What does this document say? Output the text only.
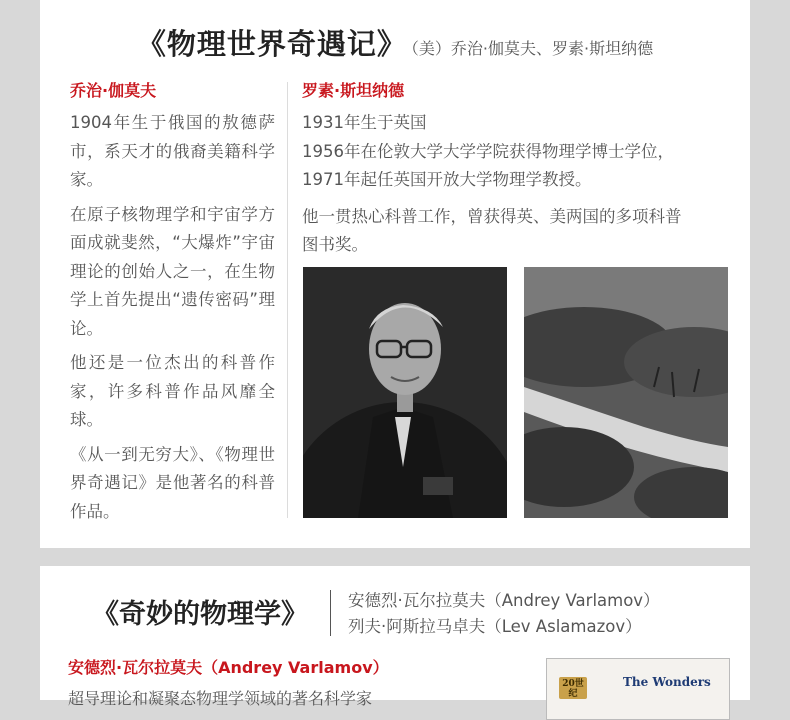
《物理世界奇遇记》 （美）乔治·伽莫夫、罗素·斯坦纳德
乔治·伽莫夫

1904年生于俄国的敖德萨市，系天才的俄裔美籍科学家。

在原子核物理学和宇宙学方面成就斐然，“大爆炸”宇宙理论的创始人之一，在生物学上首先提出“遗传密码”理论。

他还是一位杰出的科普作家，许多科普作品风靡全球。

《从一到无穷大》、《物理世界奇遇记》是他著名的科普作品。

罗素·斯坦纳德

1931年生于英国

1956年在伦敦大学大学学院获得物理学博士学位，

1971年起任英国开放大学物理学教授。

他一贯热心科普工作，曾获得英、美两国的多项科普

图书奖。

《奇妙的物理学》 安德烈·瓦尔拉莫夫（Andrey Varlamov）
列夫·阿斯拉马卓夫（Lev Aslamazov）
安德烈·瓦尔拉莫夫（Andrey Varlamov）
超导理论和凝聚态物理学领域的著名科学家
20世纪
The Wonders
